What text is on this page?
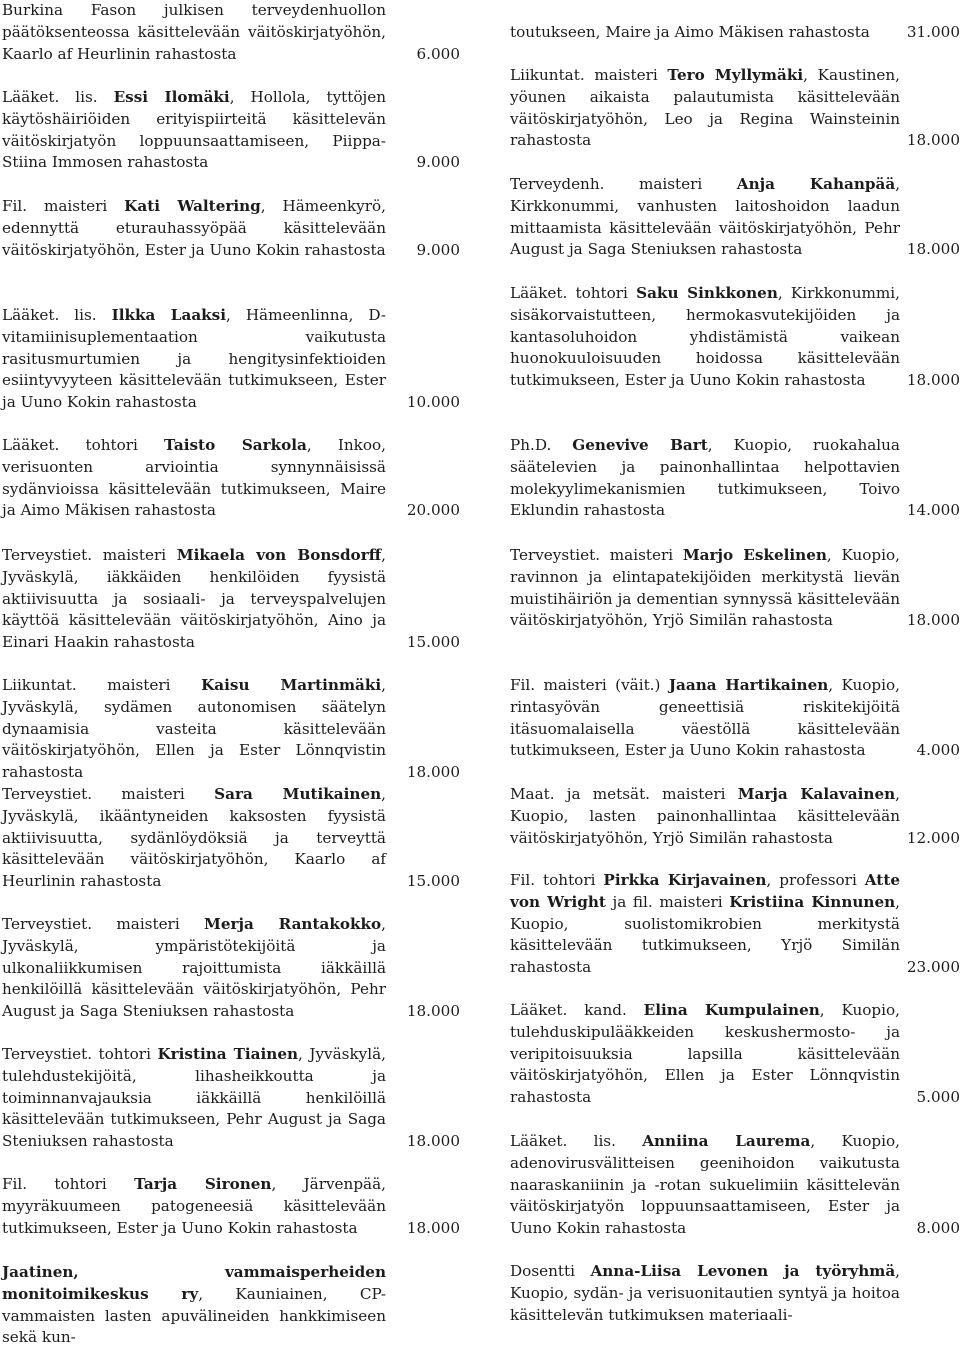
Burkina Fason julkisen terveydenhuollon päätöksenteossa käsittelevään väitöskirjatyöhön, Kaarlo af Heurlinin rahastosta	6.000

Lääket. lis. Essi Ilomäki, Hollola, tyttöjen käytöshäiriöiden erityispiirteitä käsittelevän väitöskirjatyön loppuunsaattamiseen, Piippa-Stiina Immosen rahastosta	9.000

Fil. maisteri Kati Waltering, Hämeenkyrö, edennyttä eturauhassyöpää käsittelevään väitöskirjatyöhön, Ester ja Uuno Kokin rahastosta 9.000

Lääket. lis. Ilkka Laaksi, Hämeenlinna, D-vitamiinisuplementaation vaikutusta rasitusmurtumien ja hengitysinfektioiden esiintyvyyteen käsittelevään tutkimukseen, Ester ja Uuno Kokin rahastosta	10.000

Lääket. tohtori Taisto Sarkola, Inkoo, verisuonten arviointia synnynnäisissä sydänvioissa käsittelevään tutkimukseen, Maire ja Aimo Mäkisen rahastosta	20.000

Terveystiet. maisteri Mikaela von Bonsdorff, Jyväskylä, iäkkäiden henkilöiden fyysistä aktiivisuutta ja sosiaali- ja terveyspalvelujen käyttöä käsittelevään väitöskirjatyöhön, Aino ja Einari Haakin rahastosta	15.000

Liikuntat. maisteri Kaisu Martinmäki, Jyväskylä, sydämen autonomisen säätelyn dynaamisia vasteita käsittelevään väitöskirjatyöhön, Ellen ja Ester Lönnqvistin rahastosta	18.000

Terveystiet. maisteri Sara Mutikainen, Jyväskylä, ikääntyneiden kaksosten fyysistä aktiivisuutta, sydänlöydöksiä ja terveyttä käsittelevään väitöskirjatyöhön, Kaarlo af Heurlinin rahastosta	15.000

Terveystiet. maisteri Merja Rantakokko, Jyväskylä, ympäristötekijöitä ja ulkonaliikkumisen rajoittumista iäkkäillä henkilöillä käsittelevään väitöskirjatyöhön, Pehr August ja Saga Steniuksen rahastosta	18.000

Terveystiet. tohtori Kristina Tiainen, Jyväskylä, tulehdustekijöitä, lihasheikkoutta ja toiminnanvajauksia iäkkäillä henkilöillä käsittelevään tutkimukseen, Pehr August ja Saga Steniuksen rahastosta	18.000

Fil. tohtori Tarja Sironen, Järvenpää, myyräkuumeen patogeneesiä käsittelevään tutkimukseen, Ester ja Uuno Kokin rahastosta	18.000

Jaatinen, vammaisperheiden monitoimikeskus ry, Kauniainen, CP-vammaisten lasten apuvälineiden hankkimiseen sekä kun-

toutukseen, Maire ja Aimo Mäkisen rahastosta	31.000

Liikuntat. maisteri Tero Myllymäki, Kaustinen, yöunen aikaista palautumista käsittelevään väitöskirjatyöhön, Leo ja Regina Wainsteinin rahastosta	18.000

Terveydenh. maisteri Anja Kahanpää, Kirkkonummi, vanhusten laitoshoidon laadun mittaamista käsittelevään väitöskirjatyöhön, Pehr August ja Saga Steniuksen rahastosta	18.000

Lääket. tohtori Saku Sinkkonen, Kirkkonummi, sisäkorvaistutteen, hermokasvutekijöiden ja kantasoluhoidon yhdistämistä vaikean huonokuuloisuuden hoidossa käsittelevään tutkimukseen, Ester ja Uuno Kokin rahastosta	18.000

Ph.D. Genevive Bart, Kuopio, ruokahalua säätelevien ja painonhallintaa helpottavien molekyylimekanismien tutkimukseen, Toivo Eklundin rahastosta	14.000

Terveystiet. maisteri Marjo Eskelinen, Kuopio, ravinnon ja elintapatekijöiden merkitystä lievän muistihäiriön ja dementian synnyssä käsittelevään väitöskirjatyöhön, Yrjö Similän rahastosta	18.000

Fil. maisteri (väit.) Jaana Hartikainen, Kuopio, rintasyövän geneettisiä riskitekijöitä itäsuomalaisella väestöllä käsittelevään tutkimukseen, Ester ja Uuno Kokin rahastosta	4.000

Maat. ja metsät. maisteri Marja Kalavainen, Kuopio, lasten painonhallintaa käsittelevään väitöskirjatyöhön, Yrjö Similän rahastosta	12.000

Fil. tohtori Pirkka Kirjavainen, professori Atte von Wright ja fil. maisteri Kristiina Kinnunen, Kuopio, suolistomikrobien merkitystä käsittelevään tutkimukseen, Yrjö Similän rahastosta	23.000

Lääket. kand. Elina Kumpulainen, Kuopio, tulehduskipulääkkeiden keskushermosto- ja veripitoisuuksia lapsilla käsittelevään väitöskirjatyöhön, Ellen ja Ester Lönnqvistin rahastosta	5.000

Lääket. lis. Anniina Laurema, Kuopio, adenovirusvälitteisen geenihoidon vaikutusta naaraskaniinin ja -rotan sukuelimiin käsittelevän väitöskirjatyön loppuunsaattamiseen, Ester ja Uuno Kokin rahastosta	8.000

Dosentti Anna-Liisa Levonen ja työryhmä, Kuopio, sydän- ja verisuonitautien syntyä ja hoitoa käsittelevän tutkimuksen materiaali-
